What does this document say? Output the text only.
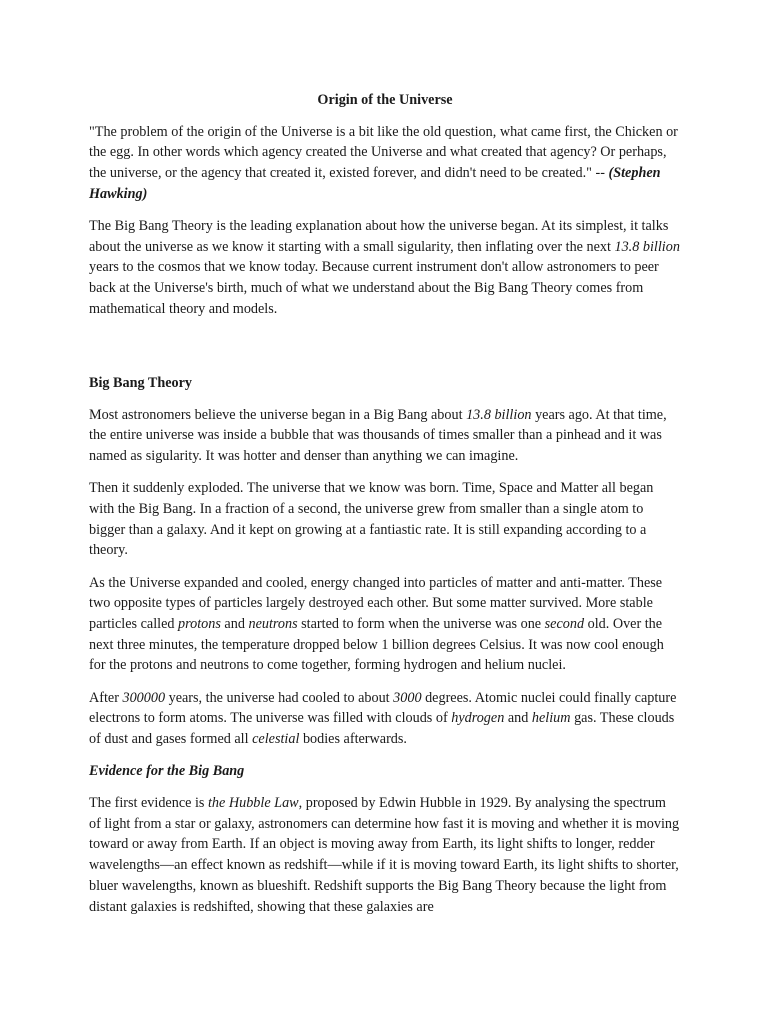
Origin of the Universe

"The problem of the origin of the Universe is a bit like the old question, what came first, the Chicken or the egg. In other words which agency created the Universe and what created that agency? Or perhaps, the universe, or the agency that created it, existed forever, and didn't need to be created." -- (Stephen Hawking)

The Big Bang Theory is the leading explanation about how the universe began. At its simplest, it talks about the universe as we know it starting with a small sigularity, then inflating over the next 13.8 billion years to the cosmos that we know today. Because current instrument don't allow astronomers to peer back at the Universe's birth, much of what we understand about the Big Bang Theory comes from mathematical theory and models.

Big Bang Theory

Most astronomers believe the universe began in a Big Bang about 13.8 billion years ago. At that time, the entire universe was inside a bubble that was thousands of times smaller than a pinhead and it was named as sigularity. It was hotter and denser than anything we can imagine.

Then it suddenly exploded. The universe that we know was born. Time, Space and Matter all began with the Big Bang. In a fraction of a second, the universe grew from smaller than a single atom to bigger than a galaxy. And it kept on growing at a fantiastic rate. It is still expanding according to a theory.

As the Universe expanded and cooled, energy changed into particles of matter and anti-matter. These two opposite types of particles largely destroyed each other. But some matter survived. More stable particles called protons and neutrons started to form when the universe was one second old. Over the next three minutes, the temperature dropped below 1 billion degrees Celsius. It was now cool enough for the protons and neutrons to come together, forming hydrogen and helium nuclei.

After 300000 years, the universe had cooled to about 3000 degrees. Atomic nuclei could finally capture electrons to form atoms. The universe was filled with clouds of hydrogen and helium gas. These clouds of dust and gases formed all celestial bodies afterwards.

Evidence for the Big Bang

The first evidence is the Hubble Law, proposed by Edwin Hubble in 1929. By analysing the spectrum of light from a star or galaxy, astronomers can determine how fast it is moving and whether it is moving toward or away from Earth. If an object is moving away from Earth, its light shifts to longer, redder wavelengths—an effect known as redshift—while if it is moving toward Earth, its light shifts to shorter, bluer wavelengths, known as blueshift. Redshift supports the Big Bang Theory because the light from distant galaxies is redshifted, showing that these galaxies are
